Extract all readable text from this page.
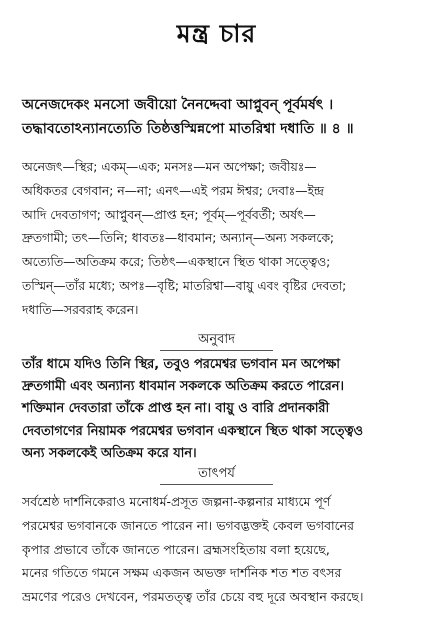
মন্ত্র চার
অনেজদেকং মনসো জবীয়ো নৈনদ্দেবা আপ্নুবন্ পূর্বমর্ষৎ ।
তদ্ধাবতোঽন্যানত্যেতি তিষ্ঠত্তস্মিন্নপো মাতরিশ্বা দধাতি ॥ ৪ ॥
অনেজৎ—স্থির; একম্—এক; মনসঃ—মন অপেক্ষা; জবীয়ঃ—
অধিকতর বেগবান; ন—না; এনৎ—এই পরম ঈশ্বর; দেবাঃ—ইন্দ্র
আদি দেবতাগণ; আপ্নুবন্—প্রাপ্ত হন; পূর্বম্—পূর্ববর্তী; অর্ষৎ—
দ্রুতগামী; তৎ—তিনি; ধাবতঃ—ধাবমান; অন্যান্—অন্য সকলকে;
অত্যেতি—অতিক্রম করে; তিষ্ঠৎ—একস্থানে স্থিত থাকা সত্ত্বেও;
তস্মিন্—তাঁর মধ্যে; অপঃ—বৃষ্টি; মাতরিশ্বা—বায়ু এবং বৃষ্টির দেবতা;
দধাতি—সরবরাহ করেন।
অনুবাদ
তাঁর ধামে যদিও তিনি স্থির, তবুও পরমেশ্বর ভগবান মন অপেক্ষা
দ্রুতগামী এবং অন্যান্য ধাবমান সকলকে অতিক্রম করতে পারেন।
শক্তিমান দেবতারা তাঁকে প্রাপ্ত হন না। বায়ু ও বারি প্রদানকারী
দেবতাগণের নিয়ামক পরমেশ্বর ভগবান একস্থানে স্থিত থাকা সত্ত্বেও
অন্য সকলকেই অতিক্রম করে যান।
তাৎপর্য
সর্বশ্রেষ্ঠ দার্শনিকেরাও মনোধর্ম-প্রসূত জল্পনা-কল্পনার মাধ্যমে পূর্ণ
পরমেশ্বর ভগবানকে জানতে পারেন না। ভগবদ্ভক্তই কেবল ভগবানের
কৃপার প্রভাবে তাঁকে জানতে পারেন। ব্রহ্মসংহিতায় বলা হয়েছে,
মনের গতিতে গমনে সক্ষম একজন অভক্ত দার্শনিক শত শত বৎসর
ভ্রমণের পরেও দেখবেন, পরমতত্ত্ব তাঁর চেয়ে বহু দূরে অবস্থান করছে।
